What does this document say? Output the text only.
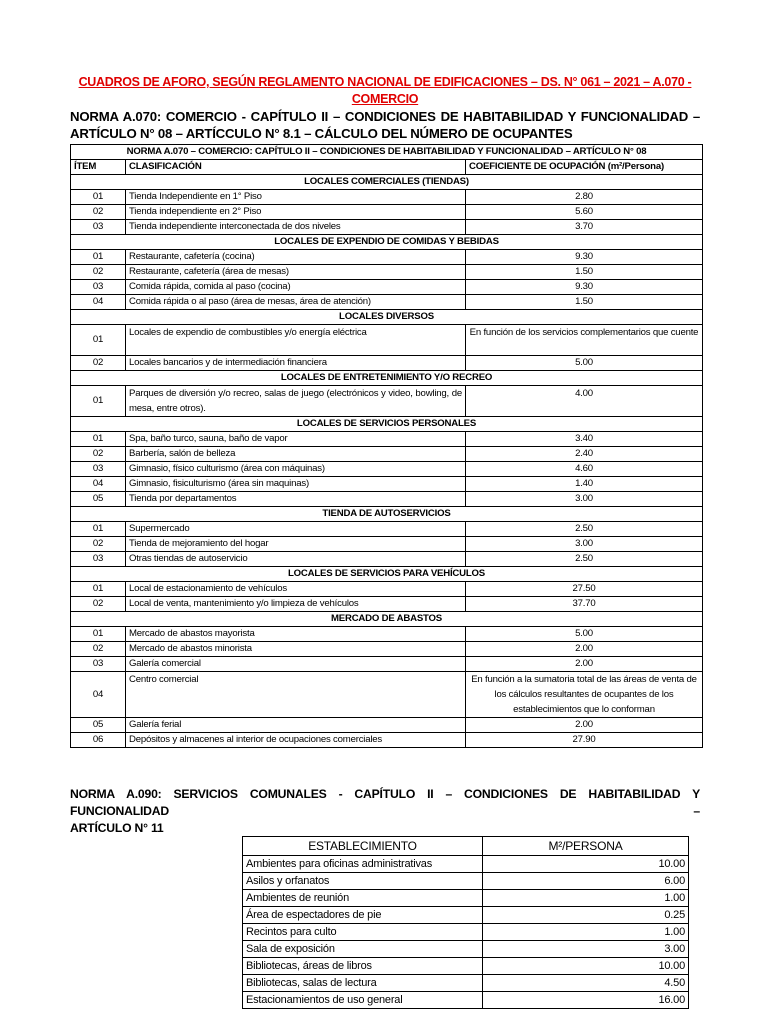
CUADROS DE AFORO, SEGÚN REGLAMENTO NACIONAL DE EDIFICACIONES – DS. N° 061 – 2021 – A.070 - COMERCIO
NORMA A.070: COMERCIO - CAPÍTULO II – CONDICIONES DE HABITABILIDAD Y FUNCIONALIDAD –
ARTÍCULO N° 08 – ARTÍCCULO N° 8.1 – CÁLCULO DEL NÚMERO DE OCUPANTES
NORMA A.070 – COMERCIO: CAPÍTULO II – CONDICIONES DE HABITABILIDAD Y FUNCIONALIDAD – ARTÍCULO N° 08		
ÍTEM	CLASIFICACIÓN	COEFICIENTE DE OCUPACIÓN (m²/Persona)
LOCALES COMERCIALES (TIENDAS)		
01	Tienda Independiente en 1° Piso	2.80
02	Tienda independiente en 2° Piso	5.60
03	Tienda independiente interconectada de dos niveles	3.70
LOCALES DE EXPENDIO DE COMIDAS Y BEBIDAS		
01	Restaurante, cafetería (cocina)	9.30
02	Restaurante, cafetería (área de mesas)	1.50
03	Comida rápida, comida al paso (cocina)	9.30
04	Comida rápida o al paso (área de mesas, área de atención)	1.50
LOCALES DIVERSOS		
01	Locales de expendio de combustibles y/o energía eléctrica	En función de los servicios complementarios que cuente
02	Locales bancarios y de intermediación financiera	5.00
LOCALES DE ENTRETENIMIENTO Y/O RECREO		
01	Parques de diversión y/o recreo, salas de juego (electrónicos y video, bowling, de mesa, entre otros).	4.00
LOCALES DE SERVICIOS PERSONALES		
01	Spa, baño turco, sauna, baño de vapor	3.40
02	Barbería, salón de belleza	2.40
03	Gimnasio, físico culturismo (área con máquinas)	4.60
04	Gimnasio, fisiculturismo (área sin maquinas)	1.40
05	Tienda por departamentos	3.00
TIENDA DE AUTOSERVICIOS		
01	Supermercado	2.50
02	Tienda de mejoramiento del hogar	3.00
03	Otras tiendas de autoservicio	2.50
LOCALES DE SERVICIOS PARA VEHÍCULOS		
01	Local de estacionamiento de vehículos	27.50
02	Local de venta, mantenimiento y/o limpieza de vehículos	37.70
MERCADO DE ABASTOS		
01	Mercado de abastos mayorista	5.00
02	Mercado de abastos minorista	2.00
03	Galería comercial	2.00
04	Centro comercial	En función a la sumatoria total de las áreas de venta de los cálculos resultantes de ocupantes de los establecimientos que lo conforman
05	Galería ferial	2.00
06	Depósitos y almacenes al interior de ocupaciones comerciales	27.90
NORMA A.090: SERVICIOS COMUNALES - CAPÍTULO II – CONDICIONES DE HABITABILIDAD Y FUNCIONALIDAD –
ARTÍCULO N° 11
ESTABLECIMIENTO	M²/PERSONA
Ambientes para oficinas administrativas	10.00
Asilos y orfanatos	6.00
Ambientes de reunión	1.00
Área de espectadores de pie	0.25
Recintos para culto	1.00
Sala de exposición	3.00
Bibliotecas, áreas de libros	10.00
Bibliotecas, salas de lectura	4.50
Estacionamientos de uso general	16.00
